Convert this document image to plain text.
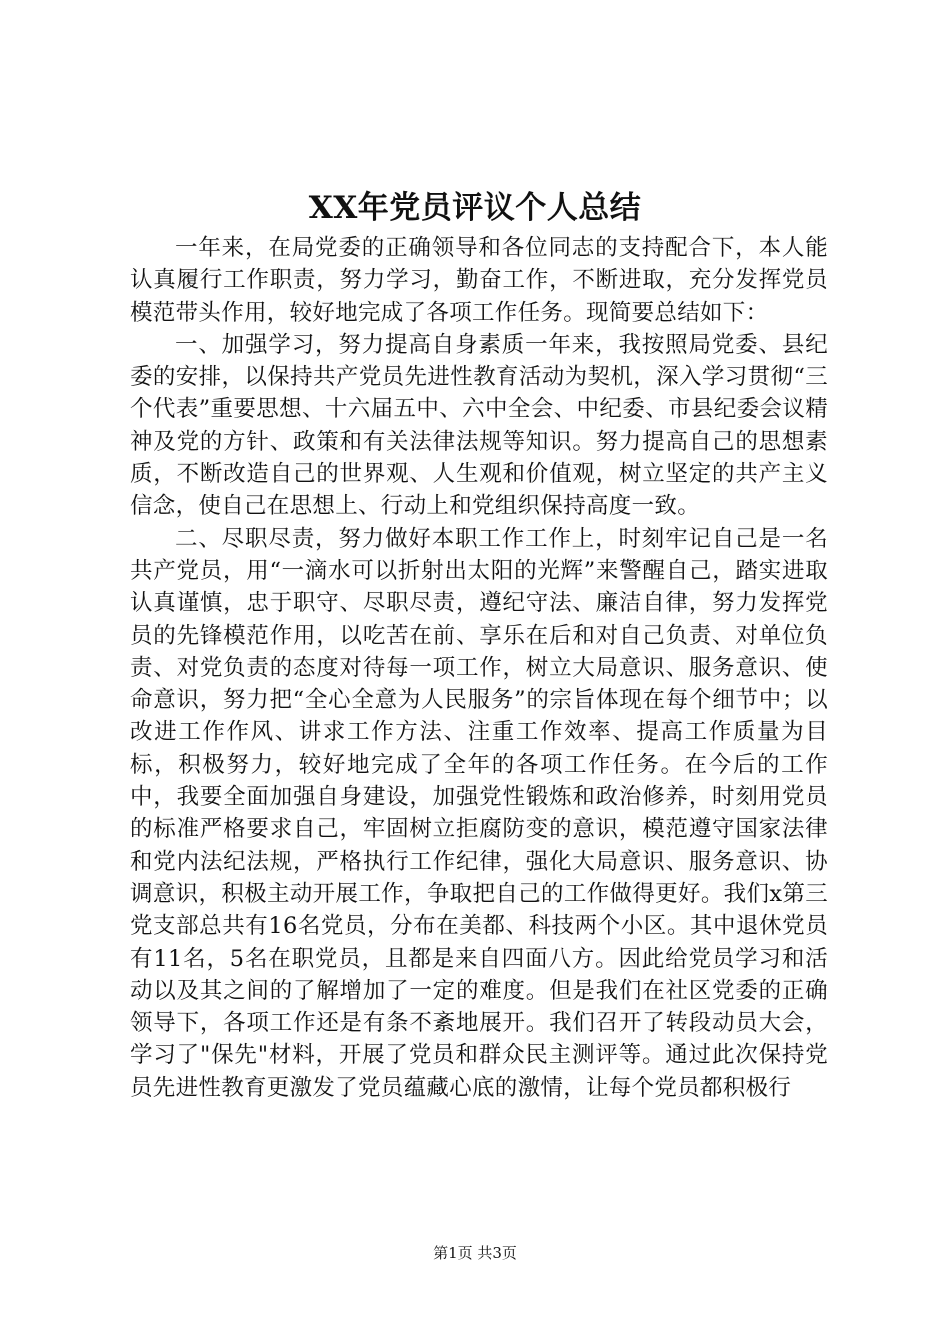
XX年党员评议个人总结

一年来，在局党委的正确领导和各位同志的支持配合下，本人能认真履行工作职责，努力学习，勤奋工作，不断进取，充分发挥党员模范带头作用，较好地完成了各项工作任务。现简要总结如下：

一、加强学习，努力提高自身素质一年来，我按照局党委、县纪委的安排，以保持共产党员先进性教育活动为契机，深入学习贯彻“三个代表”重要思想、十六届五中、六中全会、中纪委、市县纪委会议精神及党的方针、政策和有关法律法规等知识。努力提高自己的思想素质，不断改造自己的世界观、人生观和价值观，树立坚定的共产主义信念，使自己在思想上、行动上和党组织保持高度一致。

二、尽职尽责，努力做好本职工作工作上，时刻牢记自己是一名共产党员，用“一滴水可以折射出太阳的光辉”来警醒自己，踏实进取认真谨慎，忠于职守、尽职尽责，遵纪守法、廉洁自律，努力发挥党员的先锋模范作用，以吃苦在前、享乐在后和对自己负责、对单位负责、对党负责的态度对待每一项工作，树立大局意识、服务意识、使命意识，努力把“全心全意为人民服务”的宗旨体现在每个细节中；以改进工作作风、讲求工作方法、注重工作效率、提高工作质量为目标，积极努力，较好地完成了全年的各项工作任务。在今后的工作中，我要全面加强自身建设，加强党性锻炼和政治修养，时刻用党员的标准严格要求自己，牢固树立拒腐防变的意识，模范遵守国家法律和党内法纪法规，严格执行工作纪律，强化大局意识、服务意识、协调意识，积极主动开展工作，争取把自己的工作做得更好。我们x第三党支部总共有16名党员，分布在美都、科技两个小区。其中退休党员有11名，5名在职党员，且都是来自四面八方。因此给党员学习和活动以及其之间的了解增加了一定的难度。但是我们在社区党委的正确领导下，各项工作还是有条不紊地展开。我们召开了转段动员大会，学习了"保先"材料，开展了党员和群众民主测评等。通过此次保持党员先进性教育更激发了党员蕴藏心底的激情，让每个党员都积极行

第1页 共3页
